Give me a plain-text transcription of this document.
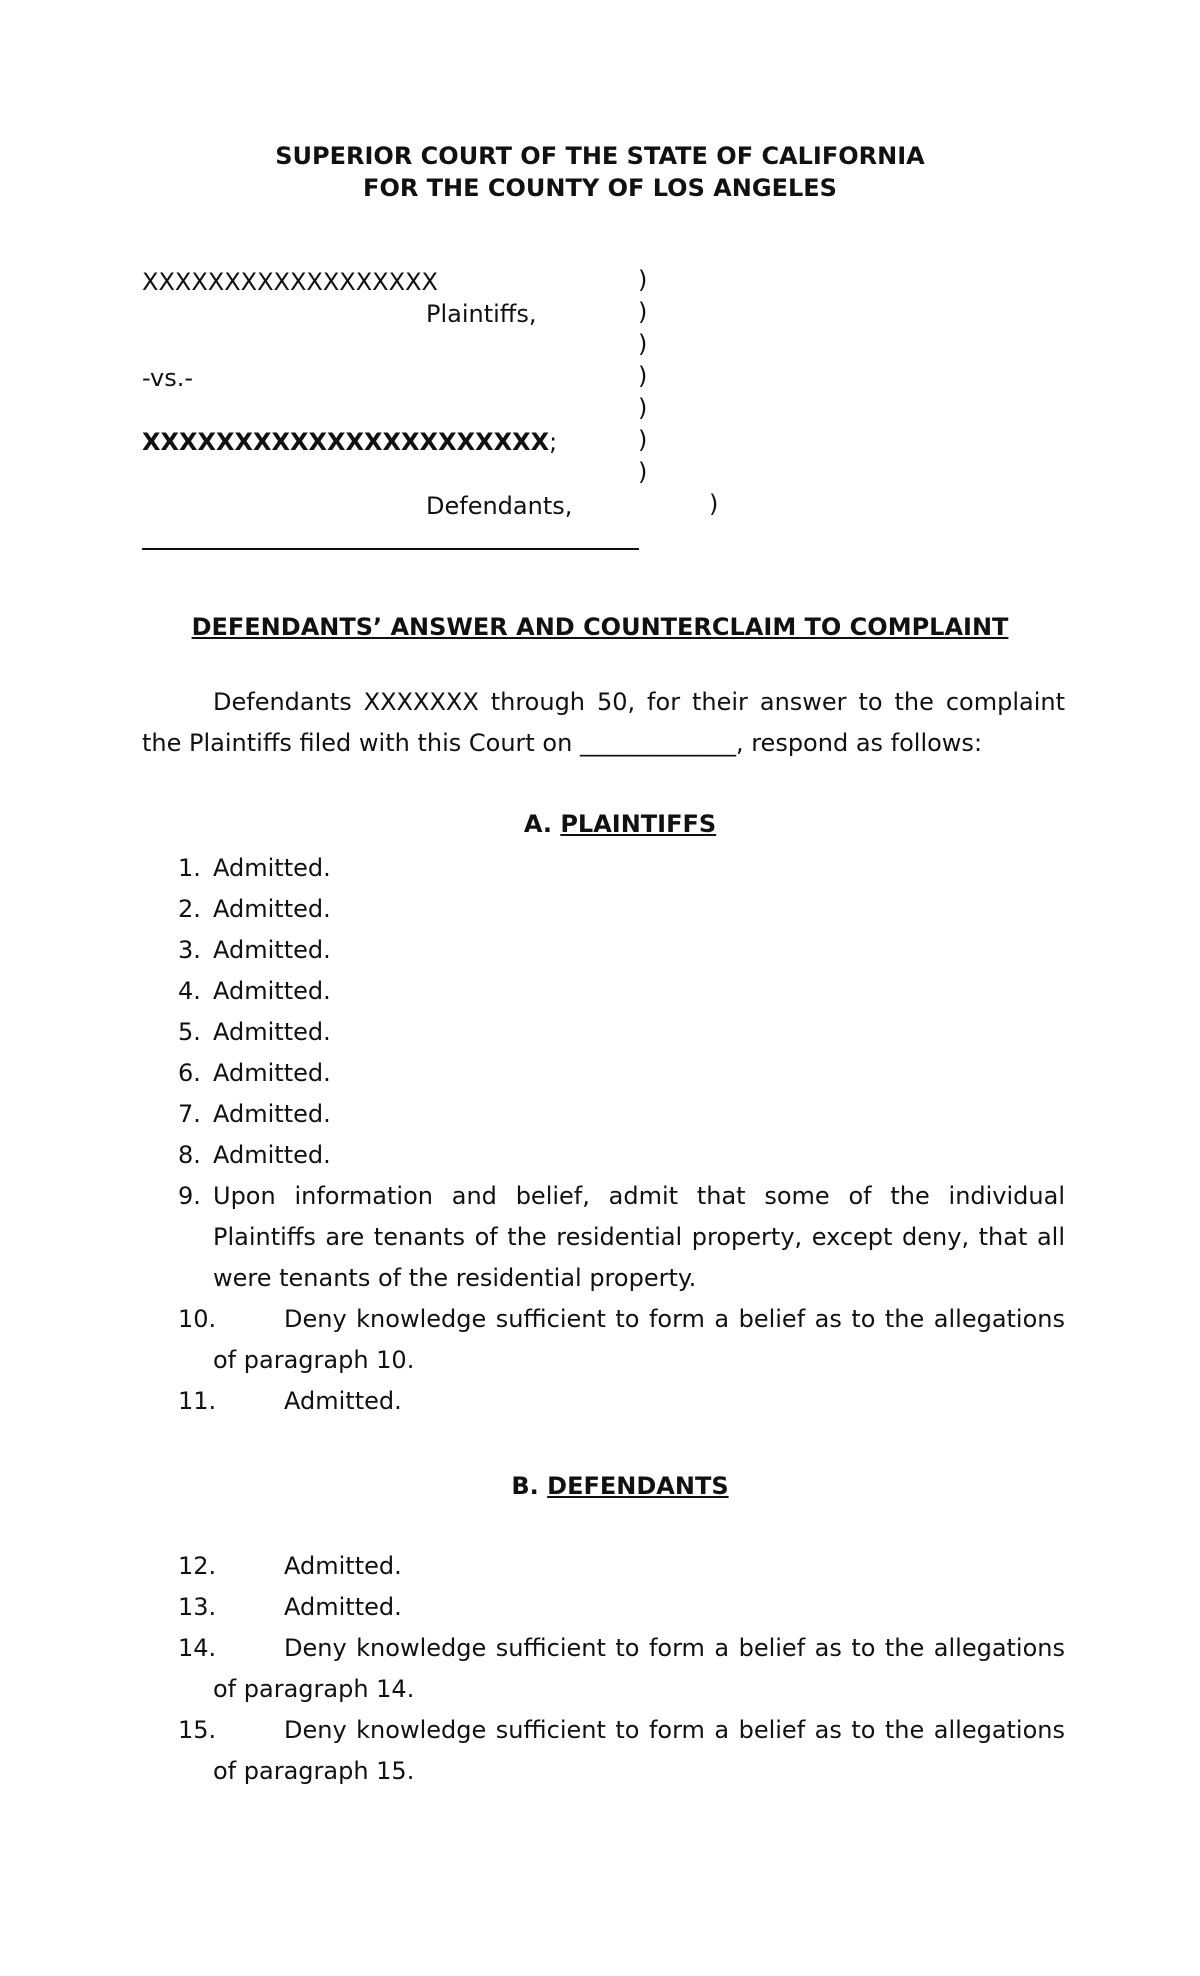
SUPERIOR COURT OF THE STATE OF CALIFORNIA
FOR THE COUNTY OF LOS ANGELES
XXXXXXXXXXXXXXXXXX
Plaintiffs,
-vs.-
XXXXXXXXXXXXXXXXXXXXXX;
Defendants,
)
)
)
)
)
)
)
)
DEFENDANTS’ ANSWER AND COUNTERCLAIM TO COMPLAINT
Defendants XXXXXXX through 50, for their answer to the complaint the Plaintiffs filed with this Court on _____________, respond as follows:
A. PLAINTIFFS
1. Admitted.
2. Admitted.
3. Admitted.
4. Admitted.
5. Admitted.
6. Admitted.
7. Admitted.
8. Admitted.
9. Upon information and belief, admit that some of the individual Plaintiffs are tenants of the residential property, except deny, that all were tenants of the residential property.
10.	Deny knowledge sufficient to form a belief as to the allegations of paragraph 10.
11.	Admitted.
B. DEFENDANTS
12.	Admitted.
13.	Admitted.
14.	Deny knowledge sufficient to form a belief as to the allegations of paragraph 14.
15.	Deny knowledge sufficient to form a belief as to the allegations of paragraph 15.
